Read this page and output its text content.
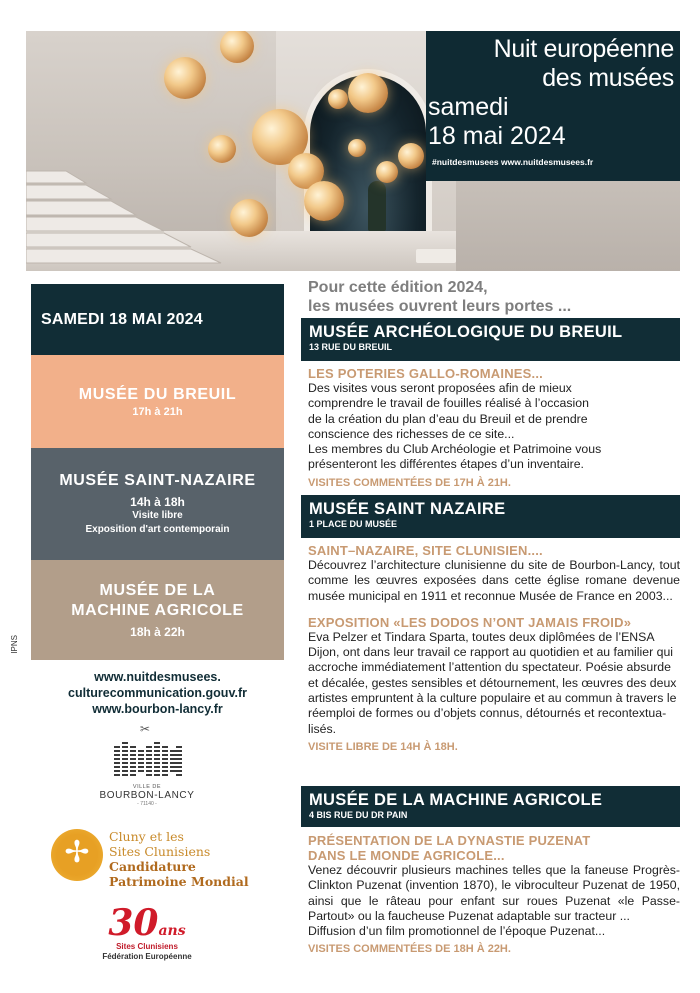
Nuit européenne
des musées
samedi
18 mai 2024
#nuitdesmusees www.nuitdesmusees.fr
SAMEDI 18 MAI 2024
MUSÉE DU BREUIL
17h à 21h
MUSÉE SAINT-NAZAIRE
14h à 18h
Visite libre
Exposition d'art contemporain
MUSÉE DE LA
MACHINE AGRICOLE
18h à 22h
IPNS
www.nuitdesmusees.
culturecommunication.gouv.fr
www.bourbon-lancy.fr
✂
VILLE DE
BOURBON-LANCY
- 71140 -
✢
Cluny et les
Sites Clunisiens
Candidature
Patrimoine Mondial
30ans
Sites Clunisiens
Fédération Européenne
Pour cette édition 2024,
les musées ouvrent leurs portes ...
MUSÉE ARCHÉOLOGIQUE DU BREUIL
13 RUE DU BREUIL
LES POTERIES GALLO-ROMAINES...
Des visites vous seront proposées afin de mieux
comprendre le travail de fouilles réalisé à l’occasion
de la création du plan d’eau du Breuil et de prendre
conscience des richesses de ce site...
Les membres du Club Archéologie et Patrimoine vous
présenteront les différentes étapes d’un inventaire.
VISITES COMMENTÉES DE 17H À 21H.
MUSÉE SAINT NAZAIRE
1 PLACE DU MUSÉE
SAINT–NAZAIRE, SITE CLUNISIEN....
Découvrez l’architecture clunisienne du site de Bourbon-Lancy, tout comme les œuvres exposées dans cette église romane devenue musée municipal en 1911 et reconnue Musée de France en 2003...
EXPOSITION «LES DODOS N’ONT JAMAIS FROID»
Eva Pelzer et Tindara Sparta, toutes deux diplômées de l’ENSA Dijon, ont dans leur travail ce rapport au quotidien et au familier qui accroche immédiatement l’attention du spectateur. Poésie absurde et décalée, gestes sensibles et détournement, les œuvres des deux artistes empruntent à la culture populaire et au commun à travers le réemploi de formes ou d’objets connus, détournés et recontextua-lisés.
VISITE LIBRE DE 14H À 18H.
MUSÉE DE LA MACHINE AGRICOLE
4 BIS RUE DU DR PAIN
PRÉSENTATION DE LA DYNASTIE PUZENAT
DANS LE MONDE AGRICOLE...
Venez découvrir plusieurs machines telles que la faneuse Progrès-Clinkton Puzenat (invention 1870), le vibroculteur Puzenat de 1950, ainsi que le râteau pour enfant sur roues Puzenat «le Passe-Partout» ou la faucheuse Puzenat adaptable sur tracteur ...
Diffusion d’un film promotionnel de l’époque Puzenat...
VISITES COMMENTÉES DE 18H À 22H.
